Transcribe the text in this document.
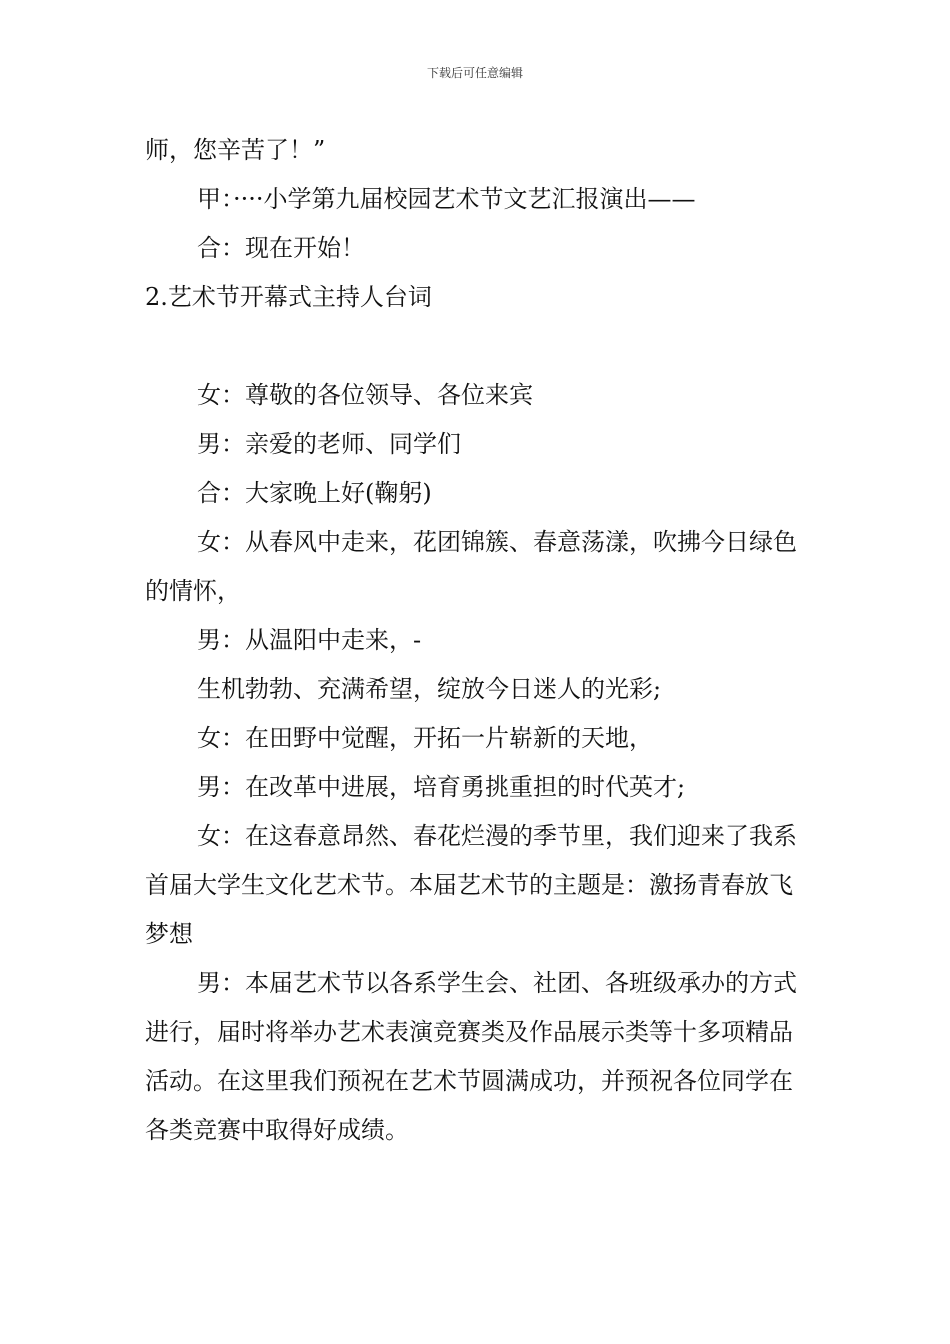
下载后可任意编辑

师，您辛苦了！”

甲：····小学第九届校园艺术节文艺汇报演出——

合：现在开始！

2.艺术节开幕式主持人台词

女：尊敬的各位领导、各位来宾

男：亲爱的老师、同学们

合：大家晚上好(鞠躬)

女：从春风中走来，花团锦簇、春意荡漾，吹拂今日绿色的情怀，

男：从温阳中走来，-

生机勃勃、充满希望，绽放今日迷人的光彩;

女：在田野中觉醒，开拓一片崭新的天地，

男：在改革中进展，培育勇挑重担的时代英才;

女：在这春意昂然、春花烂漫的季节里，我们迎来了我系首届大学生文化艺术节。本届艺术节的主题是：激扬青春放飞梦想

男：本届艺术节以各系学生会、社团、各班级承办的方式进行，届时将举办艺术表演竞赛类及作品展示类等十多项精品活动。在这里我们预祝在艺术节圆满成功，并预祝各位同学在各类竞赛中取得好成绩。
